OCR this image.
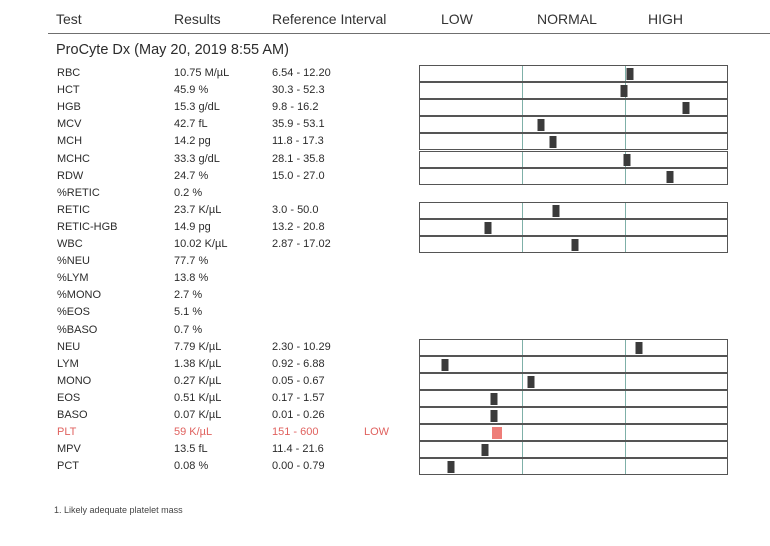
Test	Results	Reference Interval	LOW	NORMAL	HIGH
ProCyte Dx (May 20, 2019 8:55 AM)
RBC	10.75 M/µL	6.54 - 12.20
HCT	45.9 %	30.3 - 52.3
HGB	15.3 g/dL	9.8 - 16.2
MCV	42.7 fL	35.9 - 53.1
MCH	14.2 pg	11.8 - 17.3
MCHC	33.3 g/dL	28.1 - 35.8
RDW	24.7 %	15.0 - 27.0
%RETIC	0.2 %
RETIC	23.7 K/µL	3.0 - 50.0
RETIC-HGB	14.9 pg	13.2 - 20.8
WBC	10.02 K/µL	2.87 - 17.02
%NEU	77.7 %
%LYM	13.8 %
%MONO	2.7 %
%EOS	5.1 %
%BASO	0.7 %
NEU	7.79 K/µL	2.30 - 10.29
LYM	1.38 K/µL	0.92 - 6.88
MONO	0.27 K/µL	0.05 - 0.67
EOS	0.51 K/µL	0.17 - 1.57
BASO	0.07 K/µL	0.01 - 0.26
PLT	59 K/µL	151 - 600	LOW
MPV	13.5 fL	11.4 - 21.6
PCT	0.08 %	0.00 - 0.79
1. Likely adequate platelet mass
